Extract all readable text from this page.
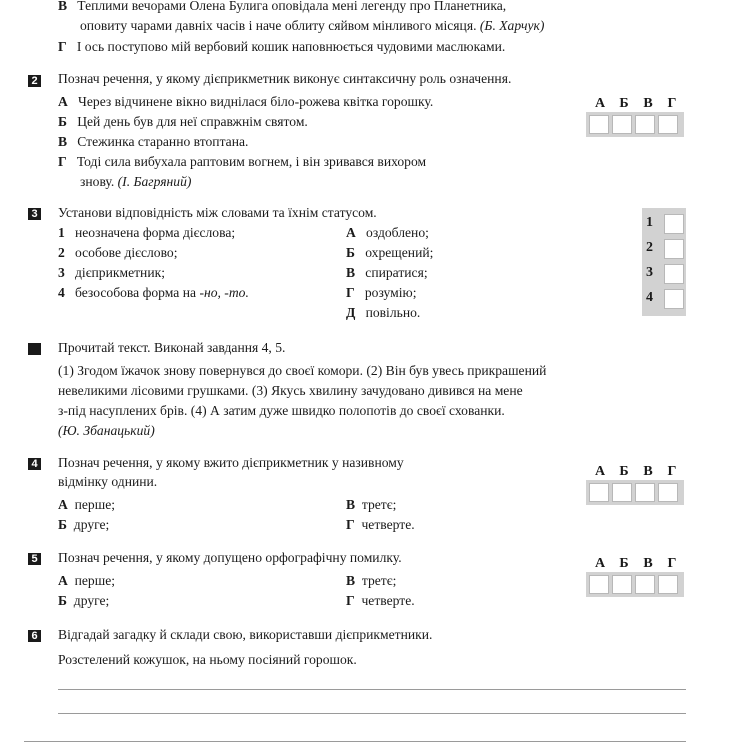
В Теплими вечорами Олена Булига оповідала мені легенду про Планетника,
оповиту чарами давніх часів і наче облиту сяйвом мінливого місяця. (Б. Харчук)
Г І ось поступово мій вербовий кошик наповнюється чудовими маслюками.
2 Познач речення, у якому дієприкметник виконує синтаксичну роль означення.
А Через відчинене вікно виднілася біло-рожева квітка горошку.
Б Цей день був для неї справжнім святом.
В Стежинка старанно втоптана.
Г Тоді сила вибухала раптовим вогнем, і він зривався вихором
знову. (І. Багряний)
А	Б	В	Г
3 Установи відповідність між словами та їхнім статусом.
1 неозначена форма дієслова;
2 особове дієслово;
3 дієприкметник;
4 безособова форма на -но, -то.
А оздоблено;
Б охрещений;
В спиратися;
Г розумію;
Д повільно.
1
2
3
4
Прочитай текст. Виконай завдання 4, 5.
(1) Згодом їжачок знову повернувся до своєї комори. (2) Він був увесь прикрашений
невеликими лісовими грушками. (3) Якусь хвилину зачудовано дивився на мене
з-під насуплених брів. (4) А затим дуже швидко полопотів до своєї схованки.
(Ю. Збанацький)
4 Познач речення, у якому вжито дієприкметник у називному
відмінку однини.
А перше;
Б друге;
В третє;
Г четверте.
А	Б	В	Г
5 Познач речення, у якому допущено орфографічну помилку.
А перше;
Б друге;
В третє;
Г четверте.
А	Б	В	Г
6 Відгадай загадку й склади свою, використавши дієприкметники.
Розстелений кожушок, на ньому посіяний горошок.
